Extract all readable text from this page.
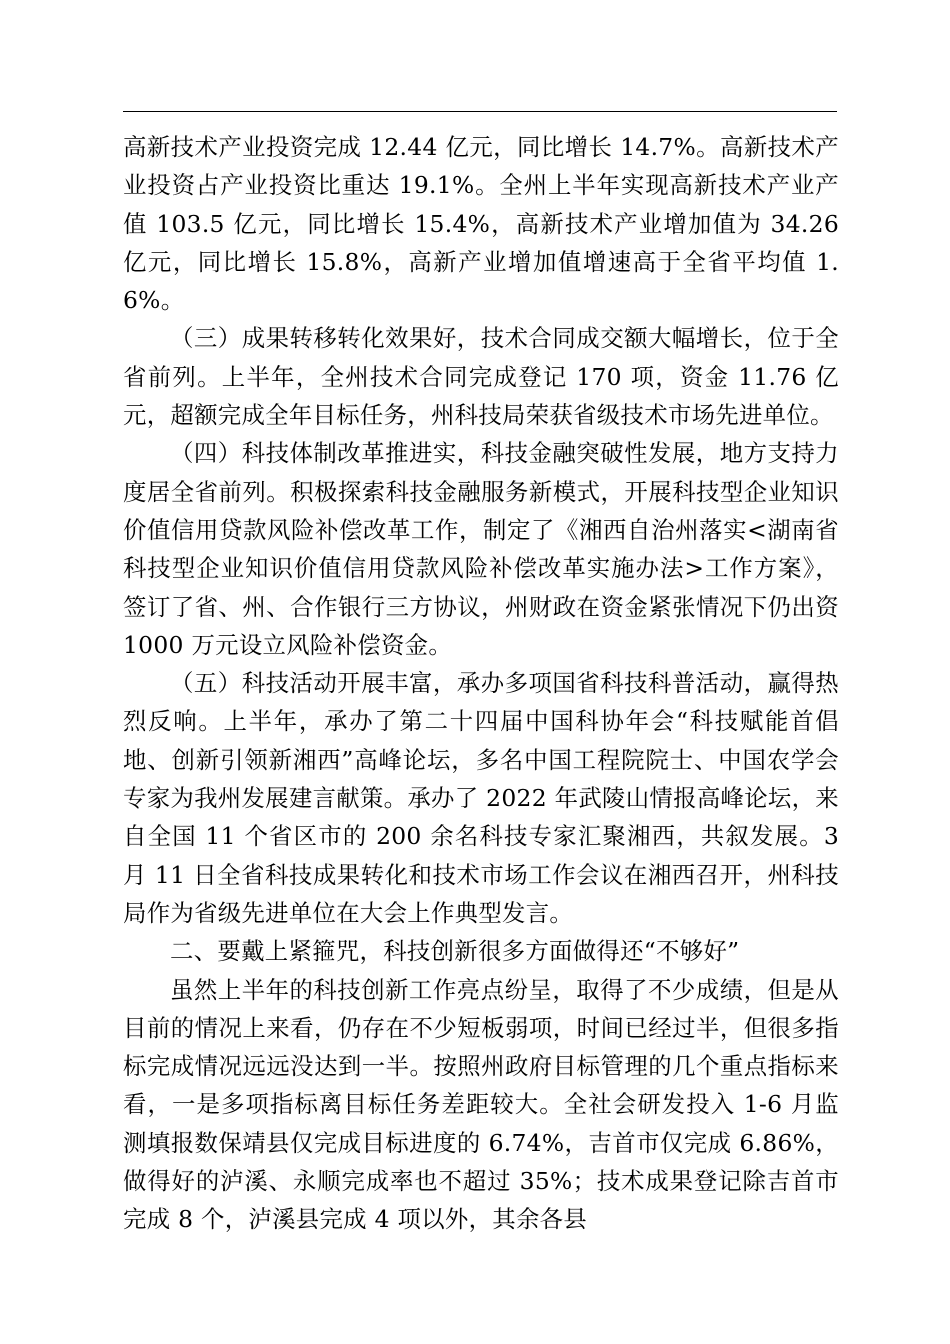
高新技术产业投资完成 12.44 亿元，同比增长 14.7%。高新技术产业投资占产业投资比重达 19.1%。全州上半年实现高新技术产业产值 103.5 亿元，同比增长 15.4%，高新技术产业增加值为 34.26 亿元，同比增长 15.8%，高新产业增加值增速高于全省平均值 1.6%。

（三）成果转移转化效果好，技术合同成交额大幅增长，位于全省前列。上半年，全州技术合同完成登记 170 项，资金 11.76 亿元，超额完成全年目标任务，州科技局荣获省级技术市场先进单位。

（四）科技体制改革推进实，科技金融突破性发展，地方支持力度居全省前列。积极探索科技金融服务新模式，开展科技型企业知识价值信用贷款风险补偿改革工作，制定了《湘西自治州落实<湖南省科技型企业知识价值信用贷款风险补偿改革实施办法>工作方案》，签订了省、州、合作银行三方协议，州财政在资金紧张情况下仍出资 1000 万元设立风险补偿资金。

（五）科技活动开展丰富，承办多项国省科技科普活动，赢得热烈反响。上半年，承办了第二十四届中国科协年会“科技赋能首倡地、创新引领新湘西”高峰论坛，多名中国工程院院士、中国农学会专家为我州发展建言献策。承办了 2022 年武陵山情报高峰论坛，来自全国 11 个省区市的 200 余名科技专家汇聚湘西，共叙发展。3 月 11 日全省科技成果转化和技术市场工作会议在湘西召开，州科技局作为省级先进单位在大会上作典型发言。

二、要戴上紧箍咒，科技创新很多方面做得还“不够好”

虽然上半年的科技创新工作亮点纷呈，取得了不少成绩，但是从目前的情况上来看，仍存在不少短板弱项，时间已经过半，但很多指标完成情况远远没达到一半。按照州政府目标管理的几个重点指标来看，一是多项指标离目标任务差距较大。全社会研发投入 1-6 月监测填报数保靖县仅完成目标进度的 6.74%，吉首市仅完成 6.86%，做得好的泸溪、永顺完成率也不超过 35%；技术成果登记除吉首市完成 8 个，泸溪县完成 4 项以外，其余各县
